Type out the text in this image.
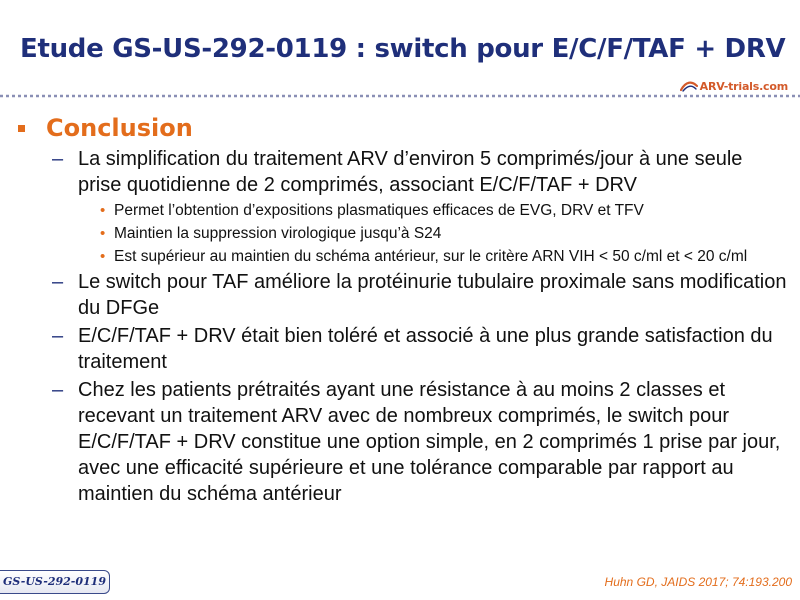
Etude GS-US-292-0119 : switch pour E/C/F/TAF + DRV
ARV-trials.com
Conclusion
– La simplification du traitement ARV d’environ 5 comprimés/jour à une seule prise quotidienne de 2 comprimés, associant E/C/F/TAF + DRV
• Permet l’obtention d’expositions plasmatiques efficaces de EVG, DRV et TFV
• Maintien la suppression virologique jusqu’à S24
• Est supérieur au maintien du schéma antérieur, sur le critère ARN VIH < 50 c/ml et < 20 c/ml
– Le switch pour TAF améliore la protéinurie tubulaire proximale sans modification du DFGe
– E/C/F/TAF + DRV était bien toléré et associé à une plus grande satisfaction du traitement
– Chez les patients prétraités ayant une résistance à au moins 2 classes et recevant un traitement ARV avec de nombreux comprimés, le switch pour E/C/F/TAF + DRV constitue une option simple, en 2 comprimés 1 prise par jour, avec une efficacité supérieure et une tolérance comparable par rapport au maintien du schéma antérieur
GS-US-292-0119	Huhn GD, JAIDS 2017; 74:193.200
